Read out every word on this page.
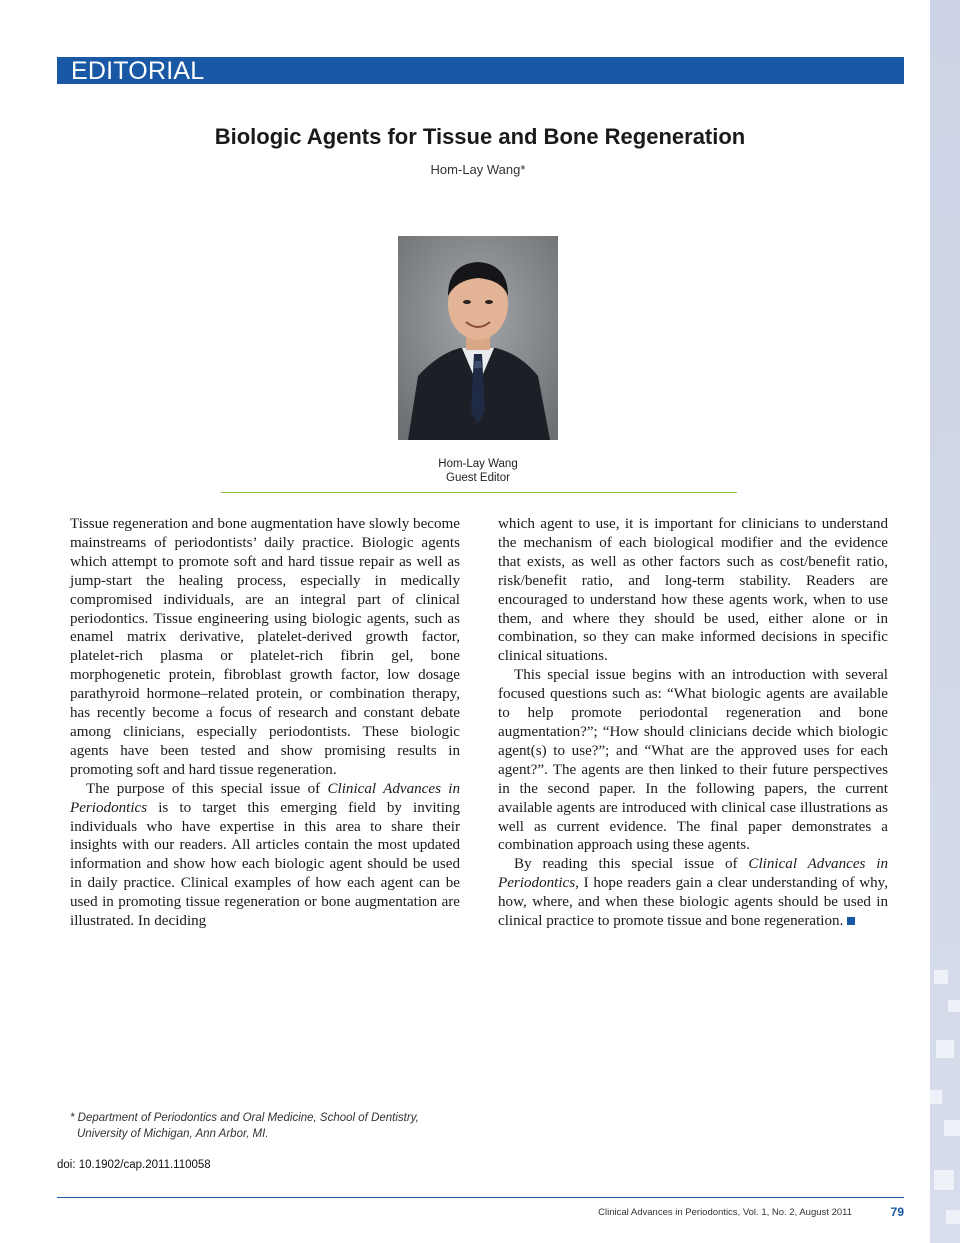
EDITORIAL
Biologic Agents for Tissue and Bone Regeneration
Hom-Lay Wang*
Hom-Lay Wang
Guest Editor

Tissue regeneration and bone augmentation have slowly become mainstreams of periodontists’ daily practice. Biologic agents which attempt to promote soft and hard tissue repair as well as jump-start the healing process, especially in medically compromised individuals, are an integral part of clinical periodontics. Tissue engineering using biologic agents, such as enamel matrix derivative, platelet-derived growth factor, platelet-rich plasma or platelet-rich fibrin gel, bone morphogenetic protein, fibroblast growth factor, low dosage parathyroid hormone–related protein, or combination therapy, has recently become a focus of research and constant debate among clinicians, especially periodontists. These biologic agents have been tested and show promising results in promoting soft and hard tissue regeneration.

The purpose of this special issue of Clinical Advances in Periodontics is to target this emerging field by inviting individuals who have expertise in this area to share their insights with our readers. All articles contain the most updated information and show how each biologic agent should be used in daily practice. Clinical examples of how each agent can be used in promoting tissue regeneration or bone augmentation are illustrated. In deciding

which agent to use, it is important for clinicians to understand the mechanism of each biological modifier and the evidence that exists, as well as other factors such as cost/benefit ratio, risk/benefit ratio, and long-term stability. Readers are encouraged to understand how these agents work, when to use them, and where they should be used, either alone or in combination, so they can make informed decisions in specific clinical situations.

This special issue begins with an introduction with several focused questions such as: “What biologic agents are available to help promote periodontal regeneration and bone augmentation?”; “How should clinicians decide which biologic agent(s) to use?”; and “What are the approved uses for each agent?”. The agents are then linked to their future perspectives in the second paper. In the following papers, the current available agents are introduced with clinical case illustrations as well as current evidence. The final paper demonstrates a combination approach using these agents.

By reading this special issue of Clinical Advances in Periodontics, I hope readers gain a clear understanding of why, how, where, and when these biologic agents should be used in clinical practice to promote tissue and bone regeneration.

* Department of Periodontics and Oral Medicine, School of Dentistry,
University of Michigan, Ann Arbor, MI.
doi: 10.1902/cap.2011.110058
Clinical Advances in Periodontics, Vol. 1, No. 2, August 2011	79
